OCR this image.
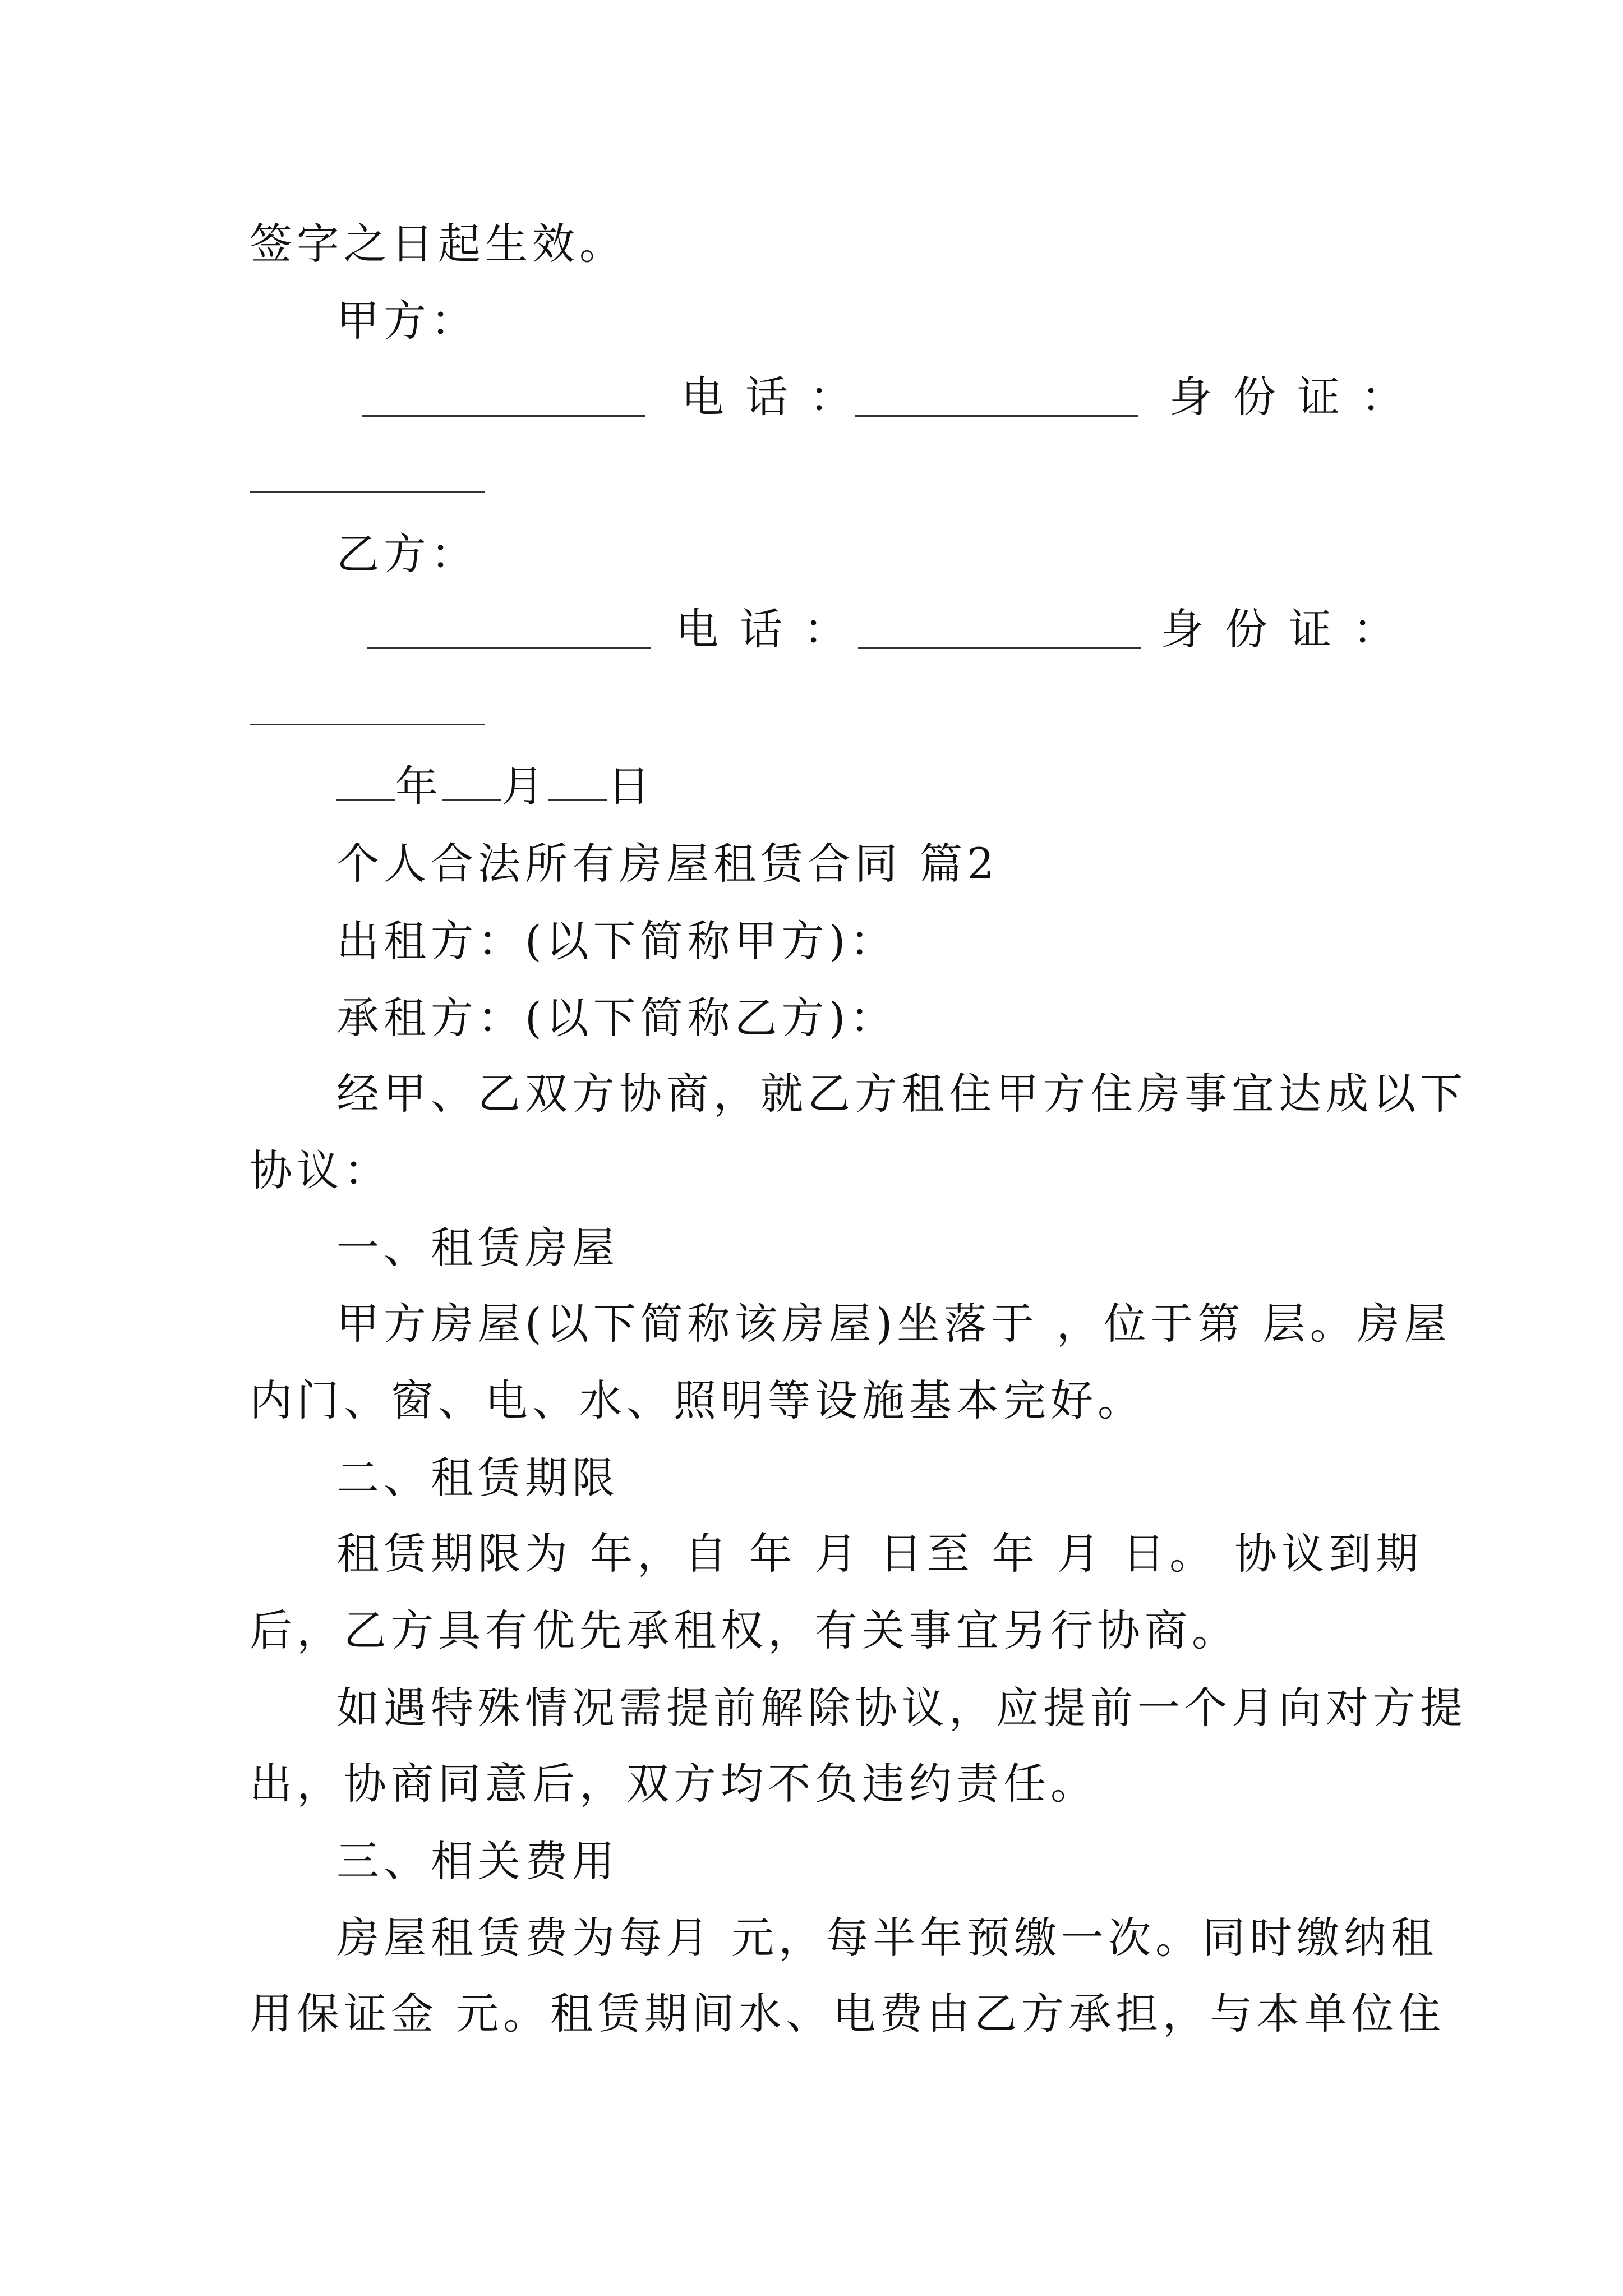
签字之日起生效。
甲方：
电话：	身份证：
乙方：
电话：	身份证：
年 月 日
个人合法所有房屋租赁合同 篇2
出租方：(以下简称甲方)：
承租方：(以下简称乙方)：
经甲、乙双方协商，就乙方租住甲方住房事宜达成以下
协议：
一、租赁房屋
甲方房屋(以下简称该房屋)坐落于 ，位于第 层。房屋
内门、窗、电、水、照明等设施基本完好。
二、租赁期限
租赁期限为 年，自 年 月 日至 年 月 日。 协议到期
后，乙方具有优先承租权，有关事宜另行协商。
如遇特殊情况需提前解除协议，应提前一个月向对方提
出，协商同意后，双方均不负违约责任。
三、相关费用
房屋租赁费为每月 元，每半年预缴一次。同时缴纳租
用保证金 元。租赁期间水、电费由乙方承担，与本单位住
